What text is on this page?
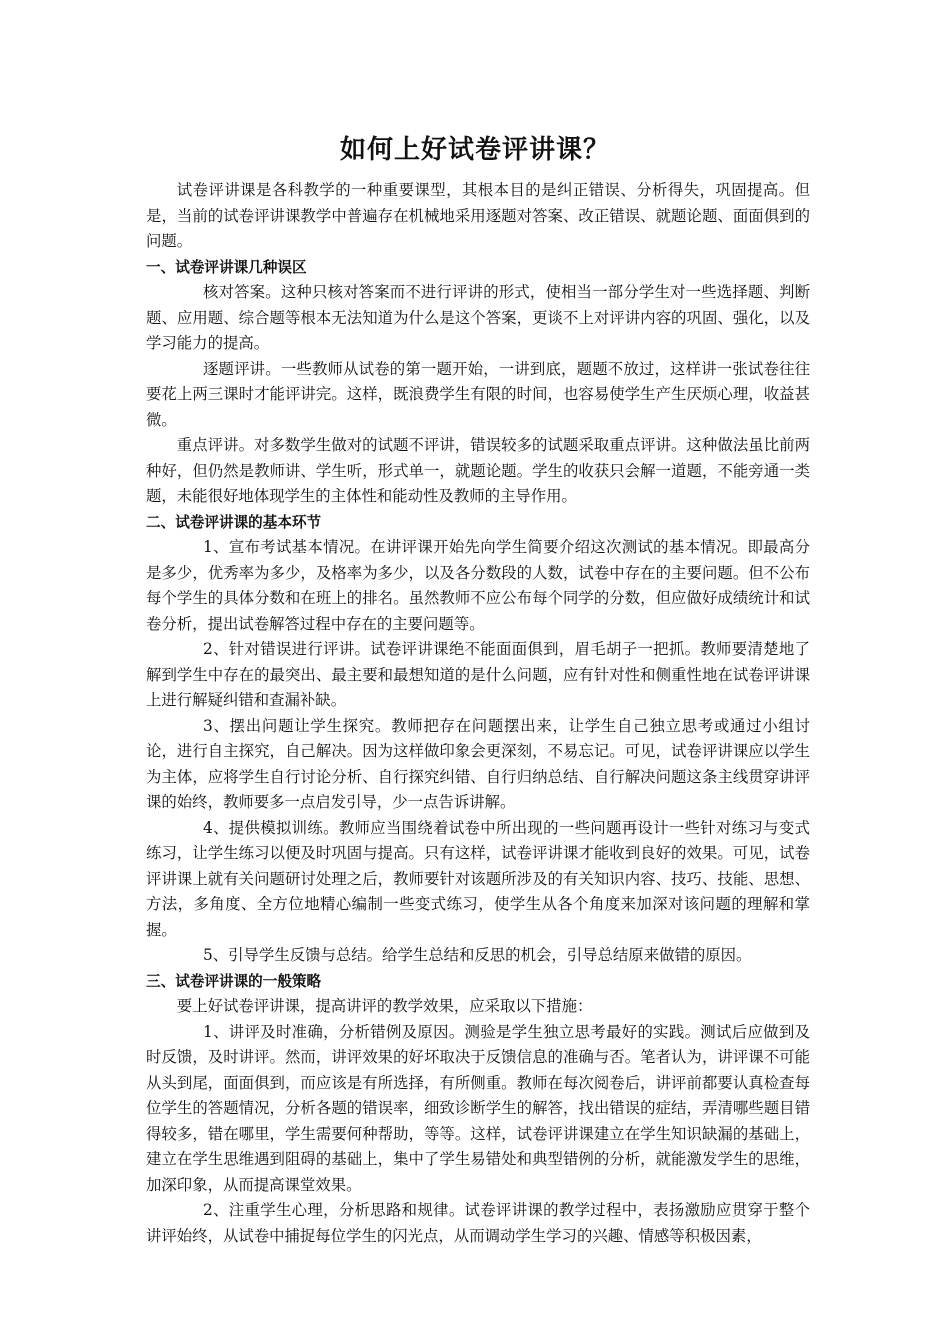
如何上好试卷评讲课？

试卷评讲课是各科教学的一种重要课型，其根本目的是纠正错误、分析得失，巩固提高。但是，当前的试卷评讲课教学中普遍存在机械地采用逐题对答案、改正错误、就题论题、面面俱到的问题。

一、试卷评讲课几种误区

核对答案。这种只核对答案而不进行评讲的形式，使相当一部分学生对一些选择题、判断题、应用题、综合题等根本无法知道为什么是这个答案，更谈不上对评讲内容的巩固、强化，以及学习能力的提高。

逐题评讲。一些教师从试卷的第一题开始，一讲到底，题题不放过，这样讲一张试卷往往要花上两三课时才能评讲完。这样，既浪费学生有限的时间，也容易使学生产生厌烦心理，收益甚微。

重点评讲。对多数学生做对的试题不评讲，错误较多的试题采取重点评讲。这种做法虽比前两种好，但仍然是教师讲、学生听，形式单一，就题论题。学生的收获只会解一道题，不能旁通一类题，未能很好地体现学生的主体性和能动性及教师的主导作用。

二、试卷评讲课的基本环节

1、宣布考试基本情况。在讲评课开始先向学生简要介绍这次测试的基本情况。即最高分是多少，优秀率为多少，及格率为多少，以及各分数段的人数，试卷中存在的主要问题。但不公布每个学生的具体分数和在班上的排名。虽然教师不应公布每个同学的分数，但应做好成绩统计和试卷分析，提出试卷解答过程中存在的主要问题等。

2、针对错误进行评讲。试卷评讲课绝不能面面俱到，眉毛胡子一把抓。教师要清楚地了解到学生中存在的最突出、最主要和最想知道的是什么问题，应有针对性和侧重性地在试卷评讲课上进行解疑纠错和查漏补缺。

3、摆出问题让学生探究。教师把存在问题摆出来，让学生自己独立思考或通过小组讨论，进行自主探究，自己解决。因为这样做印象会更深刻，不易忘记。可见，试卷评讲课应以学生为主体，应将学生自行讨论分析、自行探究纠错、自行归纳总结、自行解决问题这条主线贯穿讲评课的始终，教师要多一点启发引导，少一点告诉讲解。

4、提供模拟训练。教师应当围绕着试卷中所出现的一些问题再设计一些针对练习与变式练习，让学生练习以便及时巩固与提高。只有这样，试卷评讲课才能收到良好的效果。可见，试卷评讲课上就有关问题研讨处理之后，教师要针对该题所涉及的有关知识内容、技巧、技能、思想、方法，多角度、全方位地精心编制一些变式练习，使学生从各个角度来加深对该问题的理解和掌握。

5、引导学生反馈与总结。给学生总结和反思的机会，引导总结原来做错的原因。

三、试卷评讲课的一般策略

要上好试卷评讲课，提高讲评的教学效果，应采取以下措施：

1、讲评及时准确，分析错例及原因。测验是学生独立思考最好的实践。测试后应做到及时反馈，及时讲评。然而，讲评效果的好坏取决于反馈信息的准确与否。笔者认为，讲评课不可能从头到尾，面面俱到，而应该是有所选择，有所侧重。教师在每次阅卷后，讲评前都要认真检查每位学生的答题情况，分析各题的错误率，细致诊断学生的解答，找出错误的症结，弄清哪些题目错得较多，错在哪里，学生需要何种帮助，等等。这样，试卷评讲课建立在学生知识缺漏的基础上，建立在学生思维遇到阻碍的基础上，集中了学生易错处和典型错例的分析，就能激发学生的思维，加深印象，从而提高课堂效果。

2、注重学生心理，分析思路和规律。试卷评讲课的教学过程中，表扬激励应贯穿于整个讲评始终，从试卷中捕捉每位学生的闪光点，从而调动学生学习的兴趣、情感等积极因素，
